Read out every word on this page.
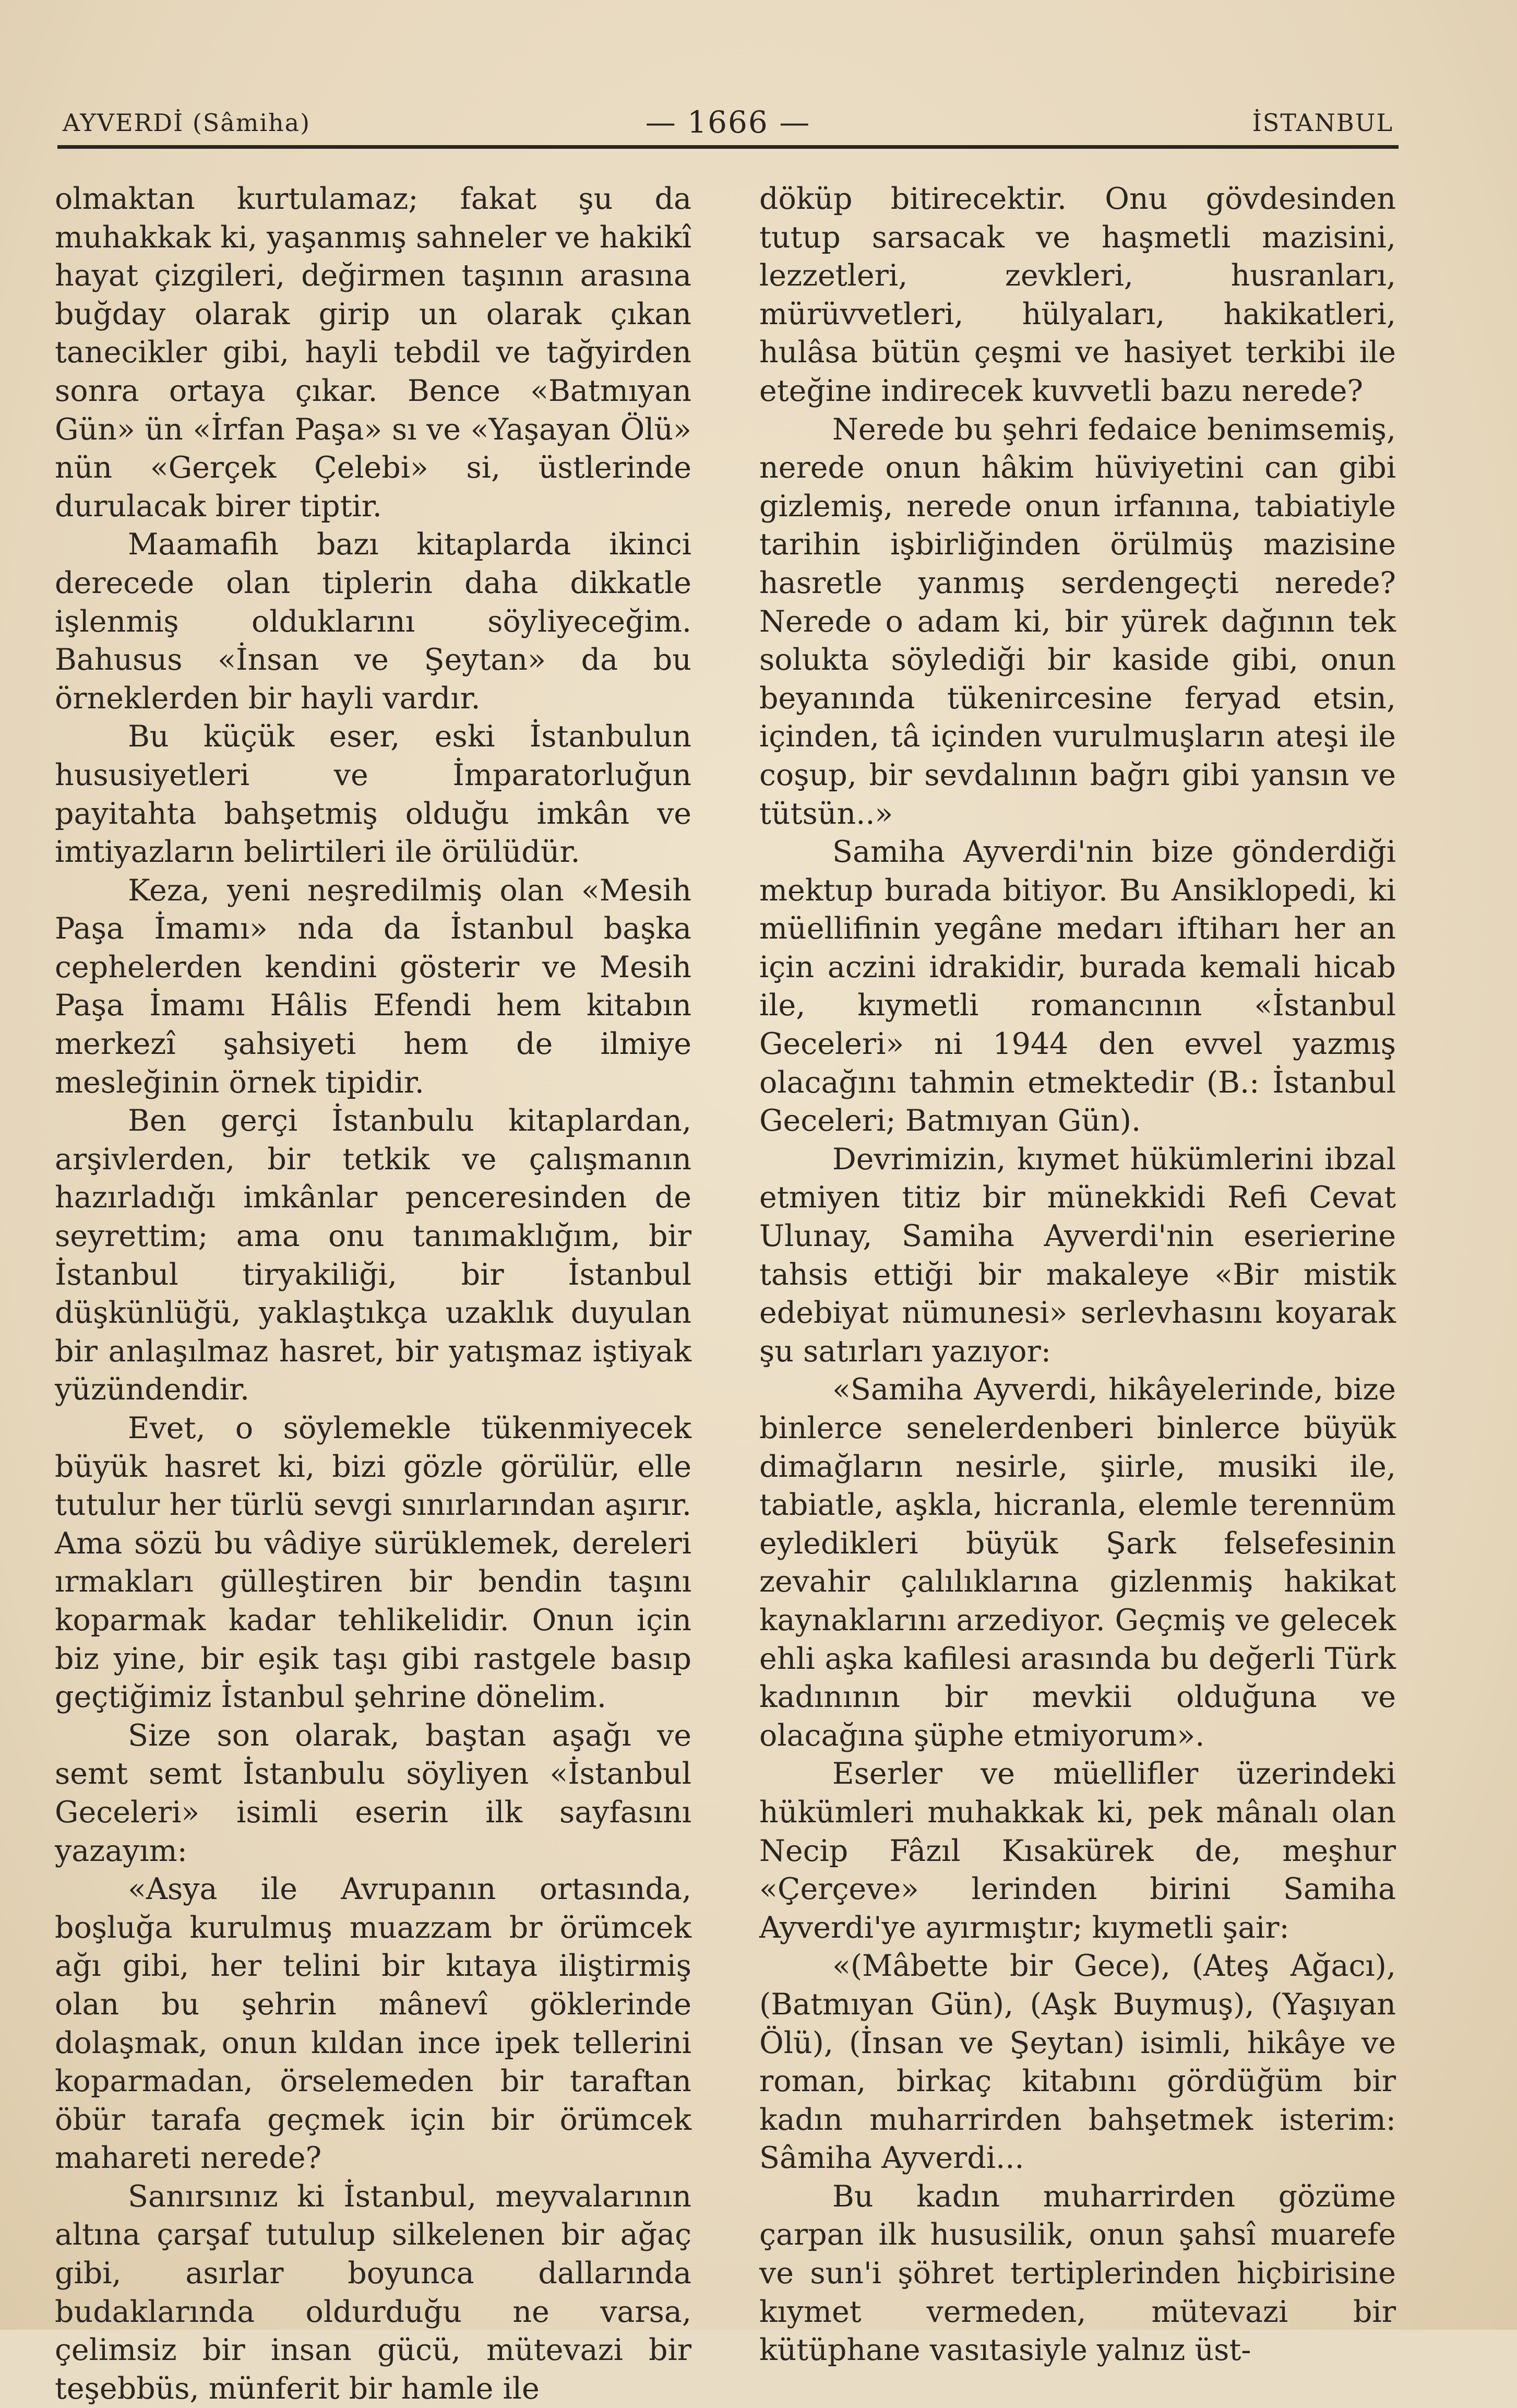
AYVERDİ (Sâmiha)	— 1666 —	İSTANBUL

olmaktan kurtulamaz; fakat şu da muhakkak ki, yaşanmış sahneler ve hakikî hayat çizgileri, değirmen taşının arasına buğday olarak girip un olarak çıkan tanecikler gibi, hayli tebdil ve tağyirden sonra ortaya çıkar. Bence «Batmıyan Gün» ün «İrfan Paşa» sı ve «Yaşayan Ölü» nün «Gerçek Çelebi» si, üstlerinde durulacak birer tiptir.

Maamafih bazı kitaplarda ikinci derecede olan tiplerin daha dikkatle işlenmiş olduklarını söyliyeceğim. Bahusus «İnsan ve Şeytan» da bu örneklerden bir hayli vardır.

Bu küçük eser, eski İstanbulun hususiyetleri ve İmparatorluğun payitahta bahşetmiş olduğu imkân ve imtiyazların belirtileri ile örülüdür.

Keza, yeni neşredilmiş olan «Mesih Paşa İmamı» nda da İstanbul başka cephelerden kendini gösterir ve Mesih Paşa İmamı Hâlis Efendi hem kitabın merkezî şahsiyeti hem de ilmiye mesleğinin örnek tipidir.

Ben gerçi İstanbulu kitaplardan, arşivlerden, bir tetkik ve çalışmanın hazırladığı imkânlar penceresinden de seyrettim; ama onu tanımaklığım, bir İstanbul tiryakiliği, bir İstanbul düşkünlüğü, yaklaştıkça uzaklık duyulan bir anlaşılmaz hasret, bir yatışmaz iştiyak yüzündendir.

Evet, o söylemekle tükenmiyecek büyük hasret ki, bizi gözle görülür, elle tutulur her türlü sevgi sınırlarından aşırır. Ama sözü bu vâdiye sürüklemek, dereleri ırmakları gülleştiren bir bendin taşını koparmak kadar tehlikelidir. Onun için biz yine, bir eşik taşı gibi rastgele basıp geçtiğimiz İstanbul şehrine dönelim.

Size son olarak, baştan aşağı ve semt semt İstanbulu söyliyen «İstanbul Geceleri» isimli eserin ilk sayfasını yazayım:

«Asya ile Avrupanın ortasında, boşluğa kurulmuş muazzam br örümcek ağı gibi, her telini bir kıtaya iliştirmiş olan bu şehrin mânevî göklerinde dolaşmak, onun kıldan ince ipek tellerini koparmadan, örselemeden bir taraftan öbür tarafa geçmek için bir örümcek mahareti nerede?

Sanırsınız ki İstanbul, meyvalarının altına çarşaf tutulup silkelenen bir ağaç gibi, asırlar boyunca dallarında budaklarında oldurduğu ne varsa, çelimsiz bir insan gücü, mütevazi bir teşebbüs, münferit bir hamle ile

döküp bitirecektir. Onu gövdesinden tutup sarsacak ve haşmetli mazisini, lezzetleri, zevkleri, husranları, mürüvvetleri, hülyaları, hakikatleri, hulâsa bütün çeşmi ve hasiyet terkibi ile eteğine indirecek kuvvetli bazu nerede?

Nerede bu şehri fedaice benimsemiş, nerede onun hâkim hüviyetini can gibi gizlemiş, nerede onun irfanına, tabiatiyle tarihin işbirliğinden örülmüş mazisine hasretle yanmış serdengeçti nerede? Nerede o adam ki, bir yürek dağının tek solukta söylediği bir kaside gibi, onun beyanında tükenircesine feryad etsin, içinden, tâ içinden vurulmuşların ateşi ile coşup, bir sevdalının bağrı gibi yansın ve tütsün..»

Samiha Ayverdi'nin bize gönderdiği mektup burada bitiyor. Bu Ansiklopedi, ki müellifinin yegâne medarı iftiharı her an için aczini idrakidir, burada kemali hicab ile, kıymetli romancının «İstanbul Geceleri» ni 1944 den evvel yazmış olacağını tahmin etmektedir (B.: İstanbul Geceleri; Batmıyan Gün).

Devrimizin, kıymet hükümlerini ibzal etmiyen titiz bir münekkidi Refi Cevat Ulunay, Samiha Ayverdi'nin eserierine tahsis ettiği bir makaleye «Bir mistik edebiyat nümunesi» serlevhasını koyarak şu satırları yazıyor:

«Samiha Ayverdi, hikâyelerinde, bize binlerce senelerdenberi binlerce büyük dimağların nesirle, şiirle, musiki ile, tabiatle, aşkla, hicranla, elemle terennüm eyledikleri büyük Şark felsefesinin zevahir çalılıklarına gizlenmiş hakikat kaynaklarını arzediyor. Geçmiş ve gelecek ehli aşka kafilesi arasında bu değerli Türk kadınının bir mevkii olduğuna ve olacağına şüphe etmiyorum».

Eserler ve müellifler üzerindeki hükümleri muhakkak ki, pek mânalı olan Necip Fâzıl Kısakürek de, meşhur «Çerçeve» lerinden birini Samiha Ayverdi'ye ayırmıştır; kıymetli şair:

«(Mâbette bir Gece), (Ateş Ağacı), (Batmıyan Gün), (Aşk Buymuş), (Yaşıyan Ölü), (İnsan ve Şeytan) isimli, hikâye ve roman, birkaç kitabını gördüğüm bir kadın muharrirden bahşetmek isterim: Sâmiha Ayverdi...

Bu kadın muharrirden gözüme çarpan ilk hususilik, onun şahsî muarefe ve sun'i şöhret tertiplerinden hiçbirisine kıymet vermeden, mütevazi bir kütüphane vasıtasiyle yalnız üst-
